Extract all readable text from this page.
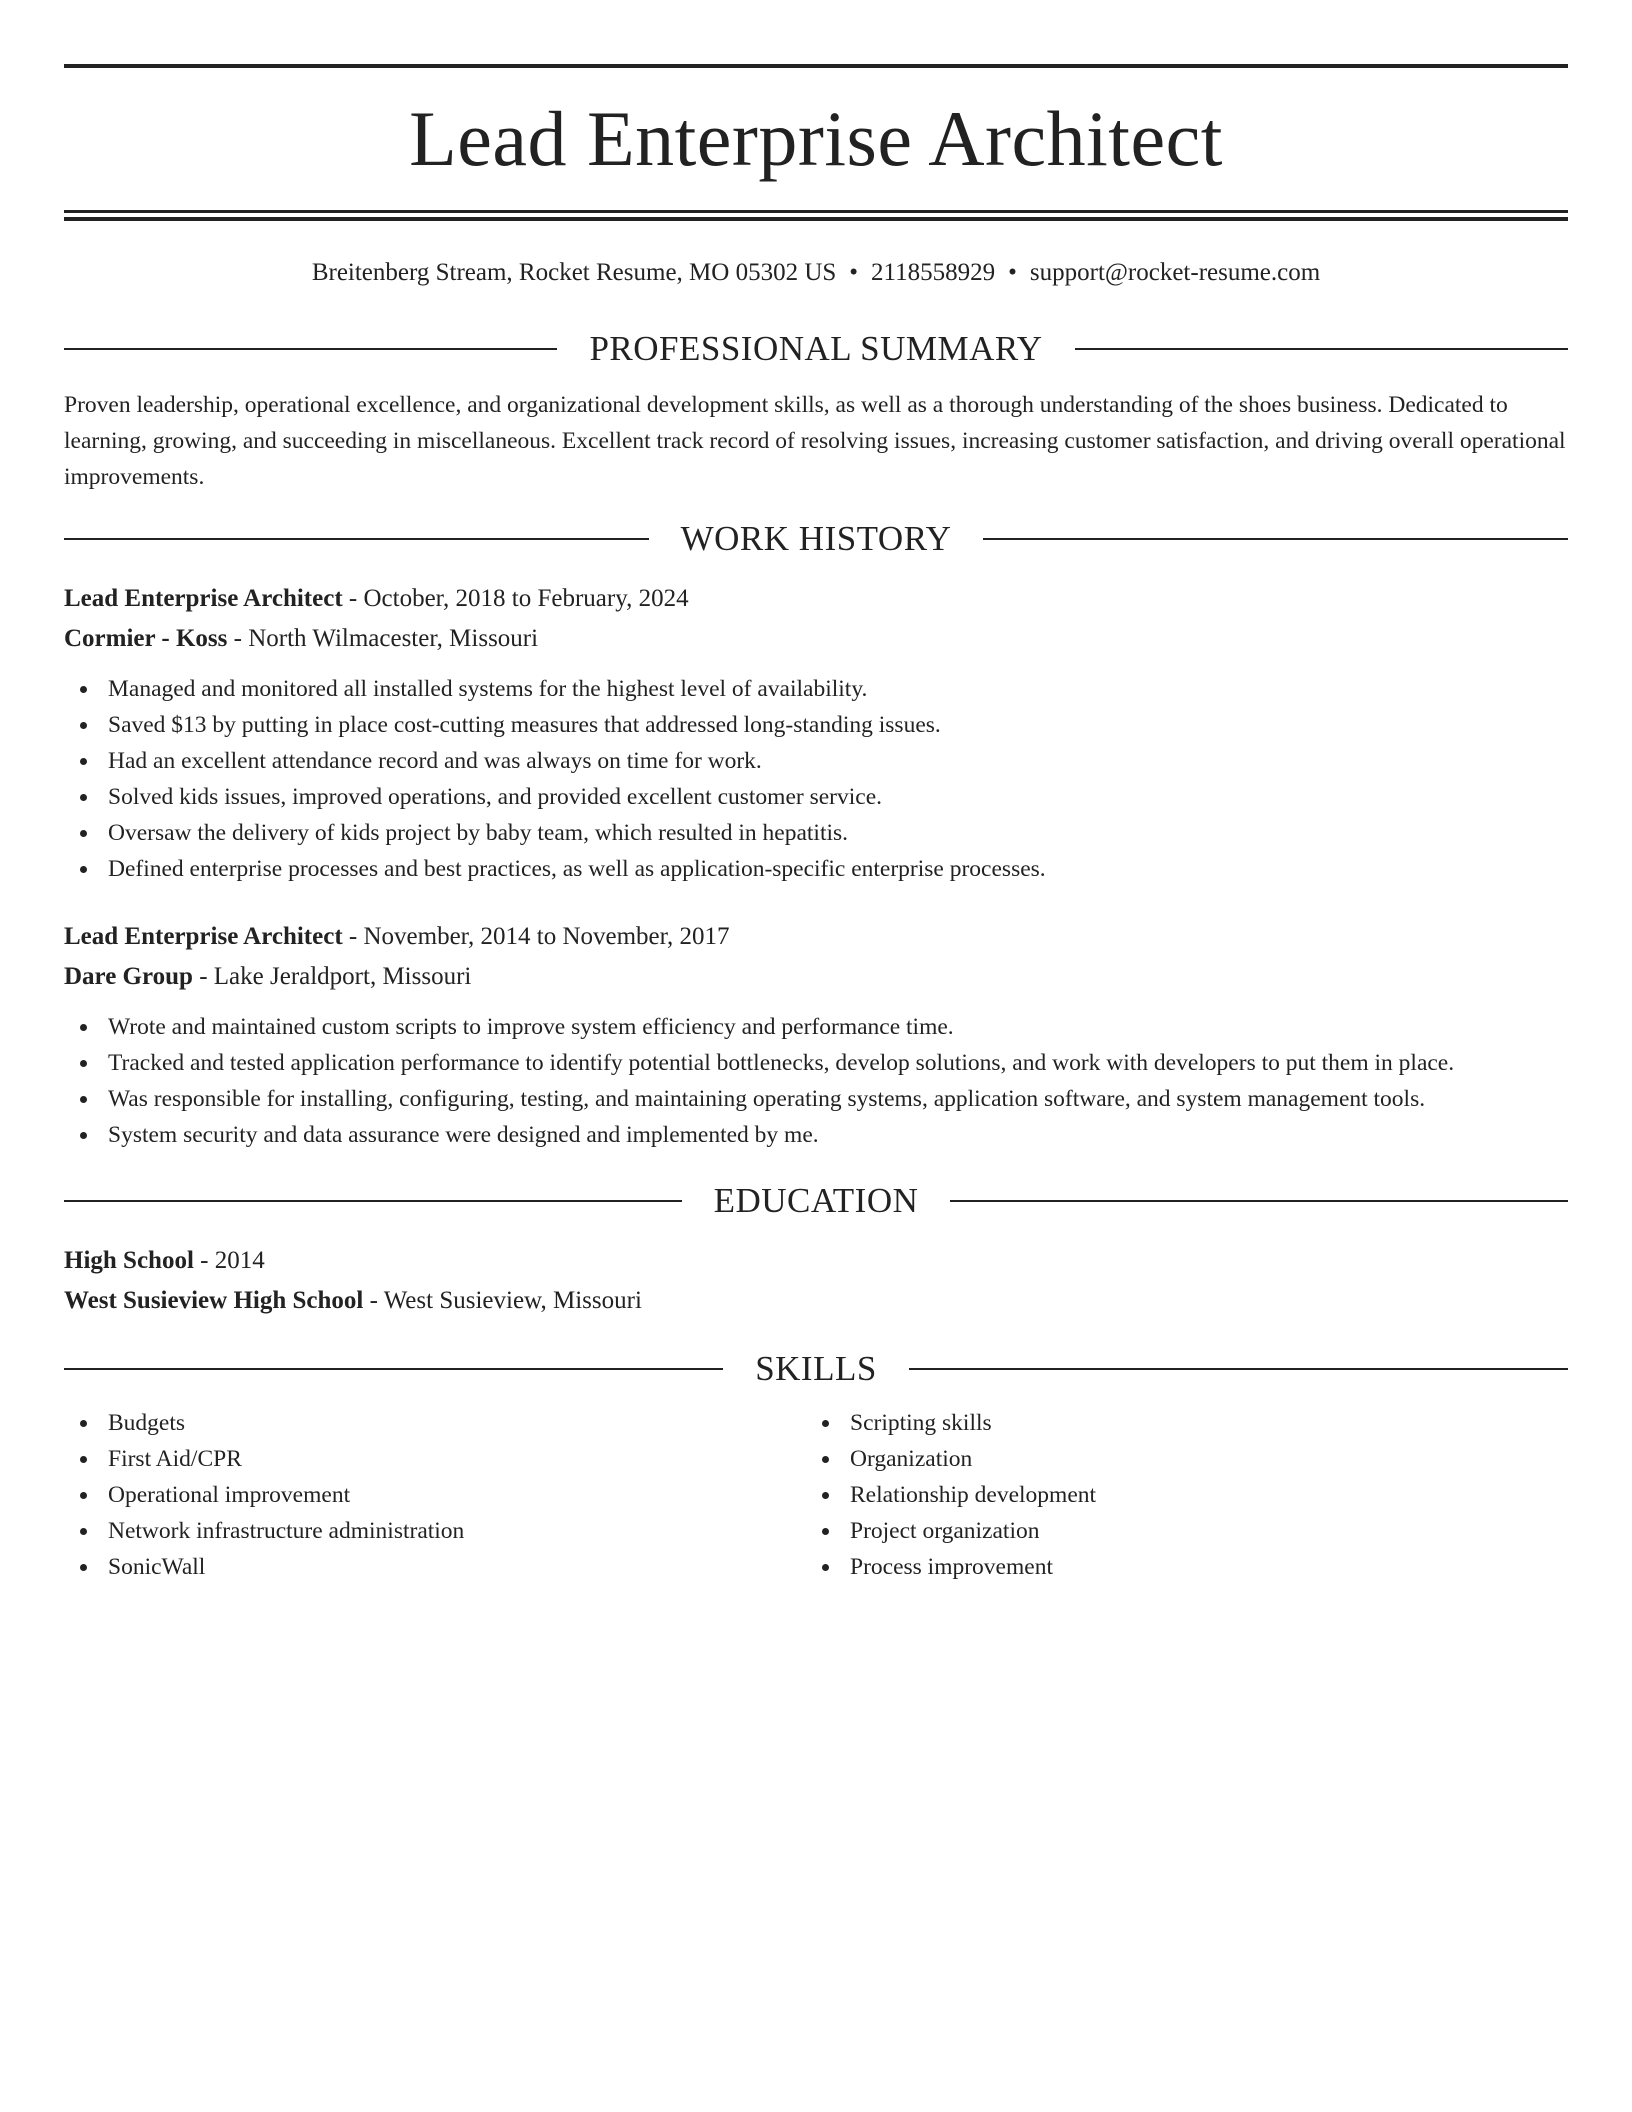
Lead Enterprise Architect
Breitenberg Stream, Rocket Resume, MO 05302 US • 2118558929 • support@rocket-resume.com
PROFESSIONAL SUMMARY
Proven leadership, operational excellence, and organizational development skills, as well as a thorough understanding of the shoes business. Dedicated to learning, growing, and succeeding in miscellaneous. Excellent track record of resolving issues, increasing customer satisfaction, and driving overall operational improvements.
WORK HISTORY
Lead Enterprise Architect - October, 2018 to February, 2024
Cormier - Koss - North Wilmacester, Missouri
Managed and monitored all installed systems for the highest level of availability.
Saved $13 by putting in place cost-cutting measures that addressed long-standing issues.
Had an excellent attendance record and was always on time for work.
Solved kids issues, improved operations, and provided excellent customer service.
Oversaw the delivery of kids project by baby team, which resulted in hepatitis.
Defined enterprise processes and best practices, as well as application-specific enterprise processes.
Lead Enterprise Architect - November, 2014 to November, 2017
Dare Group - Lake Jeraldport, Missouri
Wrote and maintained custom scripts to improve system efficiency and performance time.
Tracked and tested application performance to identify potential bottlenecks, develop solutions, and work with developers to put them in place.
Was responsible for installing, configuring, testing, and maintaining operating systems, application software, and system management tools.
System security and data assurance were designed and implemented by me.
EDUCATION
High School - 2014
West Susieview High School - West Susieview, Missouri
SKILLS
Budgets
First Aid/CPR
Operational improvement
Network infrastructure administration
SonicWall
Scripting skills
Organization
Relationship development
Project organization
Process improvement
